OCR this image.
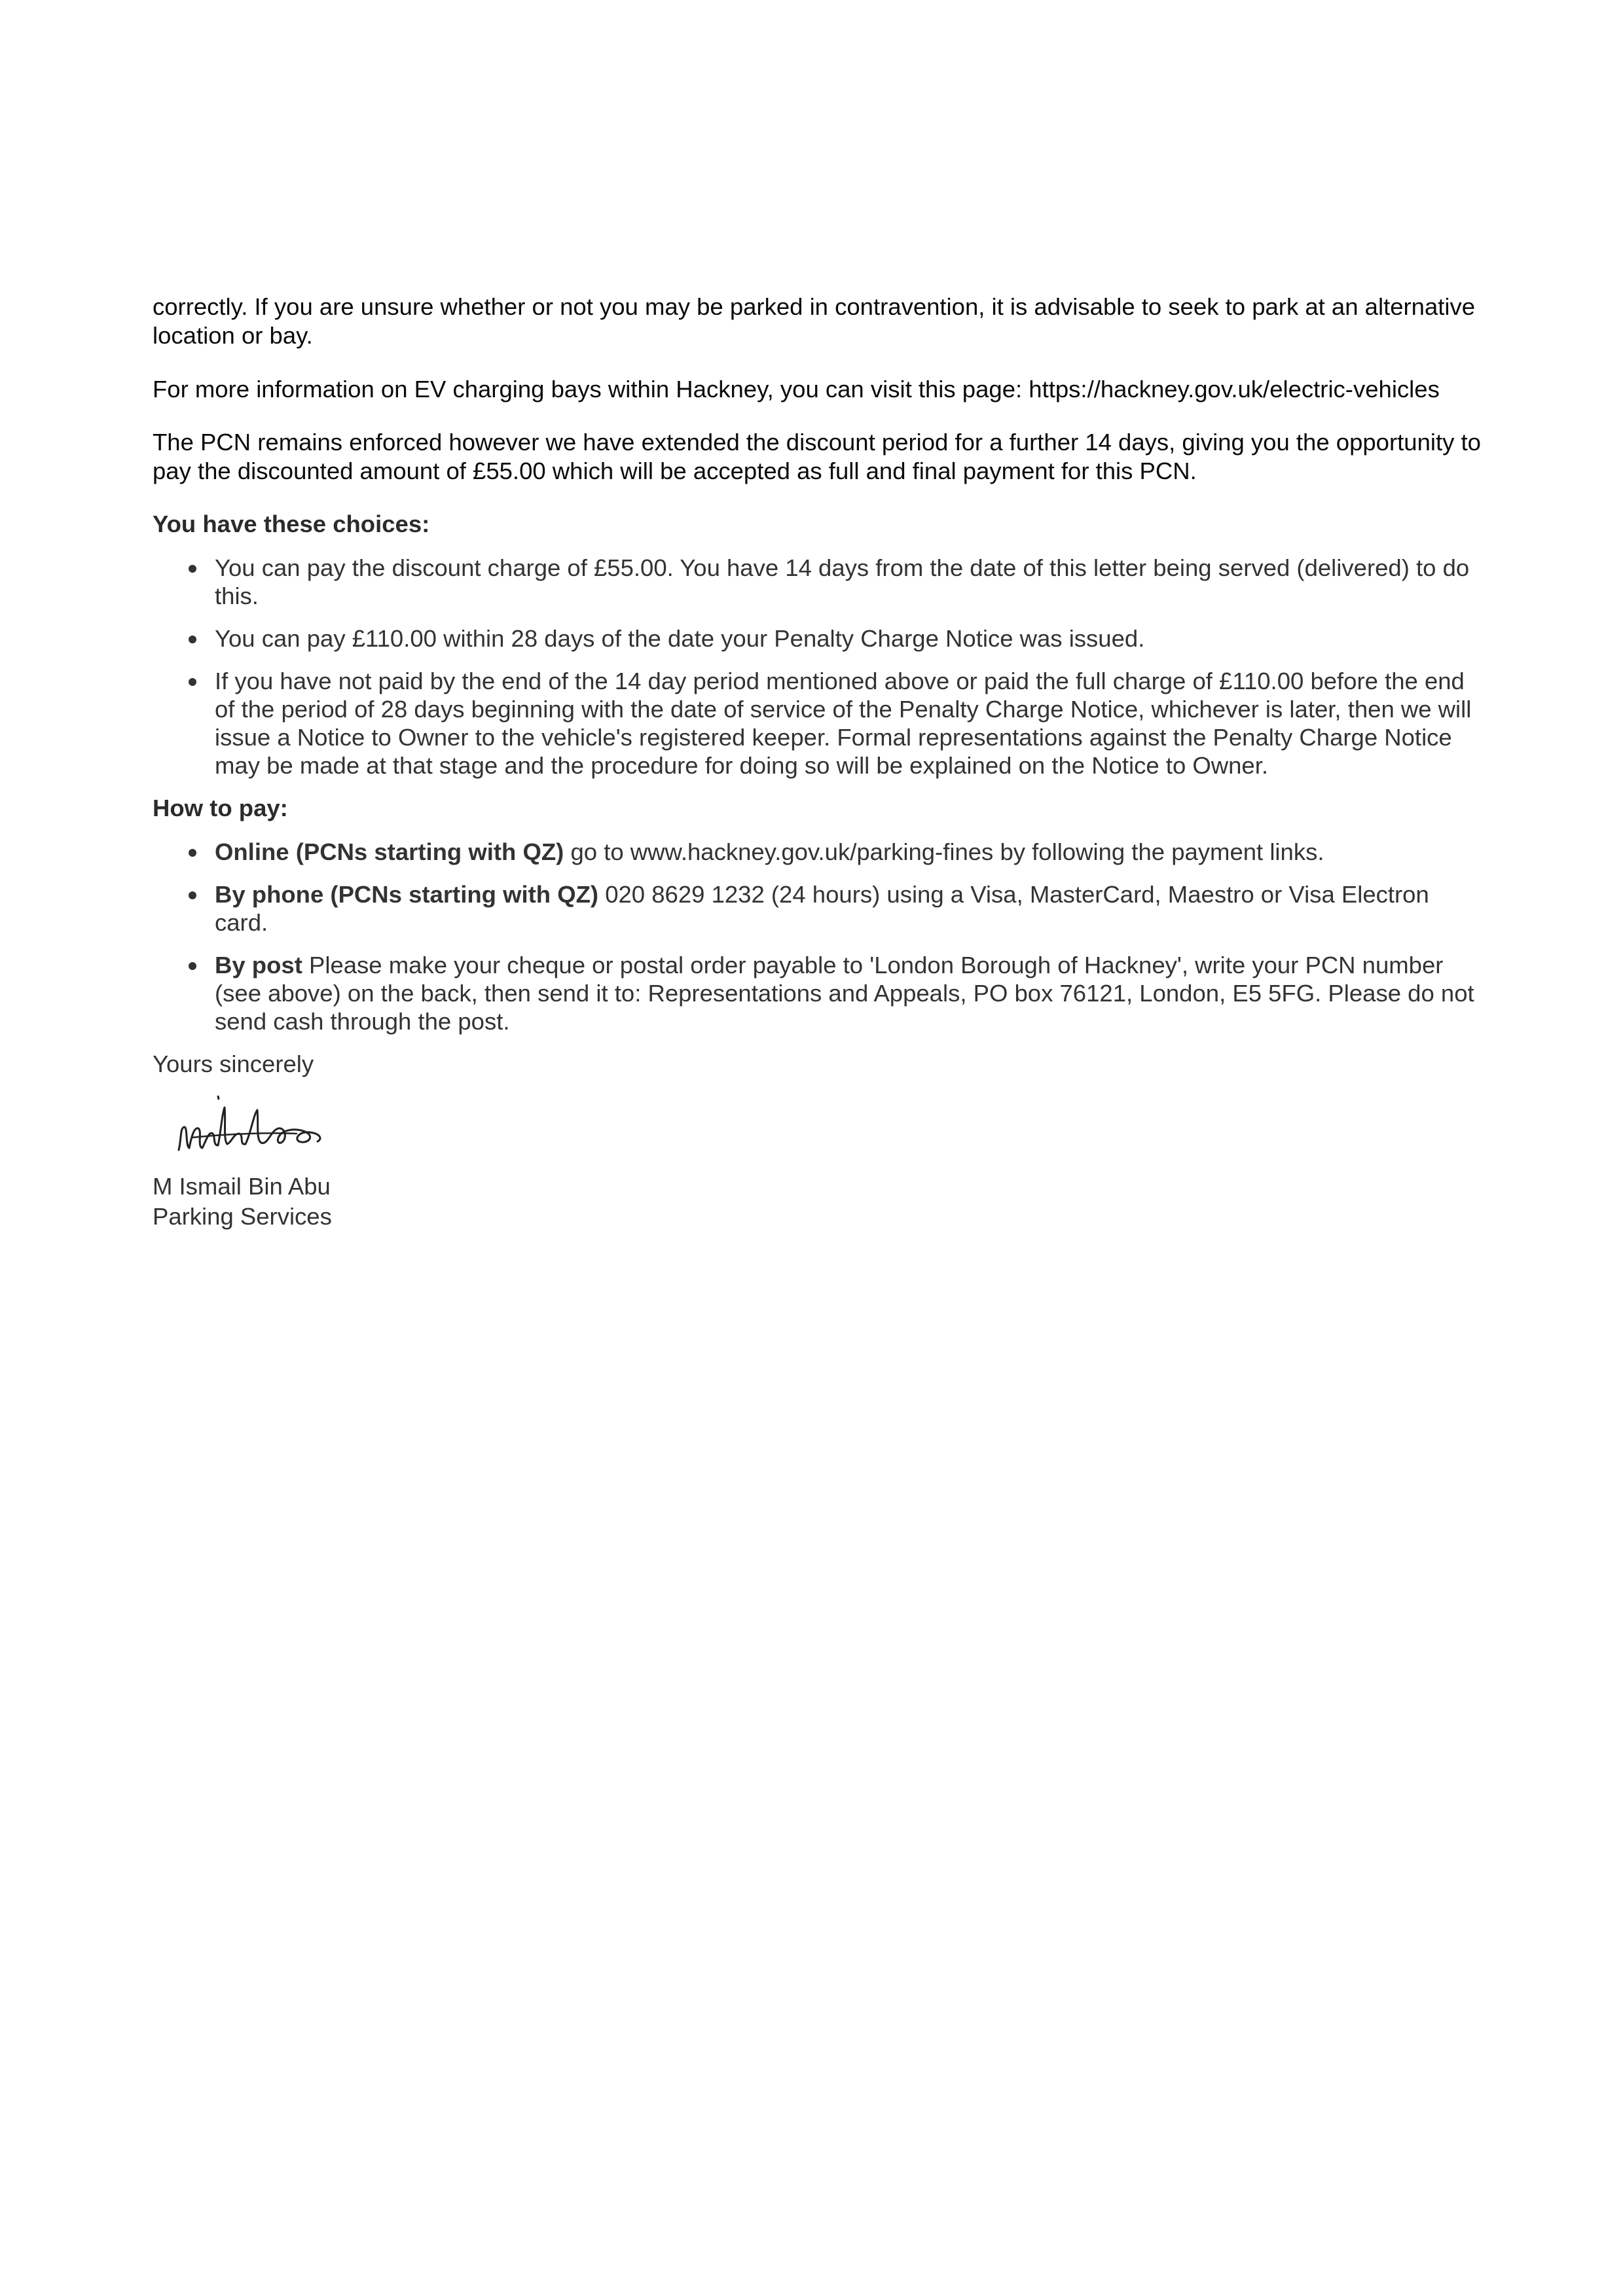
correctly. If you are unsure whether or not you may be parked in contravention, it is advisable to seek to park at an alternative location or bay.

For more information on EV charging bays within Hackney, you can visit this page: https://hackney.gov.uk/electric-vehicles

The PCN remains enforced however we have extended the discount period for a further 14 days, giving you the opportunity to pay the discounted amount of £55.00 which will be accepted as full and final payment for this PCN.

You have these choices:
You can pay the discount charge of £55.00. You have 14 days from the date of this letter being served (delivered) to do this.
You can pay £110.00 within 28 days of the date your Penalty Charge Notice was issued.
If you have not paid by the end of the 14 day period mentioned above or paid the full charge of £110.00 before the end of the period of 28 days beginning with the date of service of the Penalty Charge Notice, whichever is later, then we will issue a Notice to Owner to the vehicle's registered keeper. Formal representations against the Penalty Charge Notice may be made at that stage and the procedure for doing so will be explained on the Notice to Owner.
How to pay:
Online (PCNs starting with QZ) go to www.hackney.gov.uk/parking-fines by following the payment links.
By phone (PCNs starting with QZ) 020 8629 1232 (24 hours) using a Visa, MasterCard, Maestro or Visa Electron card.
By post Please make your cheque or postal order payable to 'London Borough of Hackney', write your PCN number (see above) on the back, then send it to: Representations and Appeals, PO box 76121, London, E5 5FG. Please do not send cash through the post.
Yours sincerely
M Ismail Bin Abu
Parking Services
